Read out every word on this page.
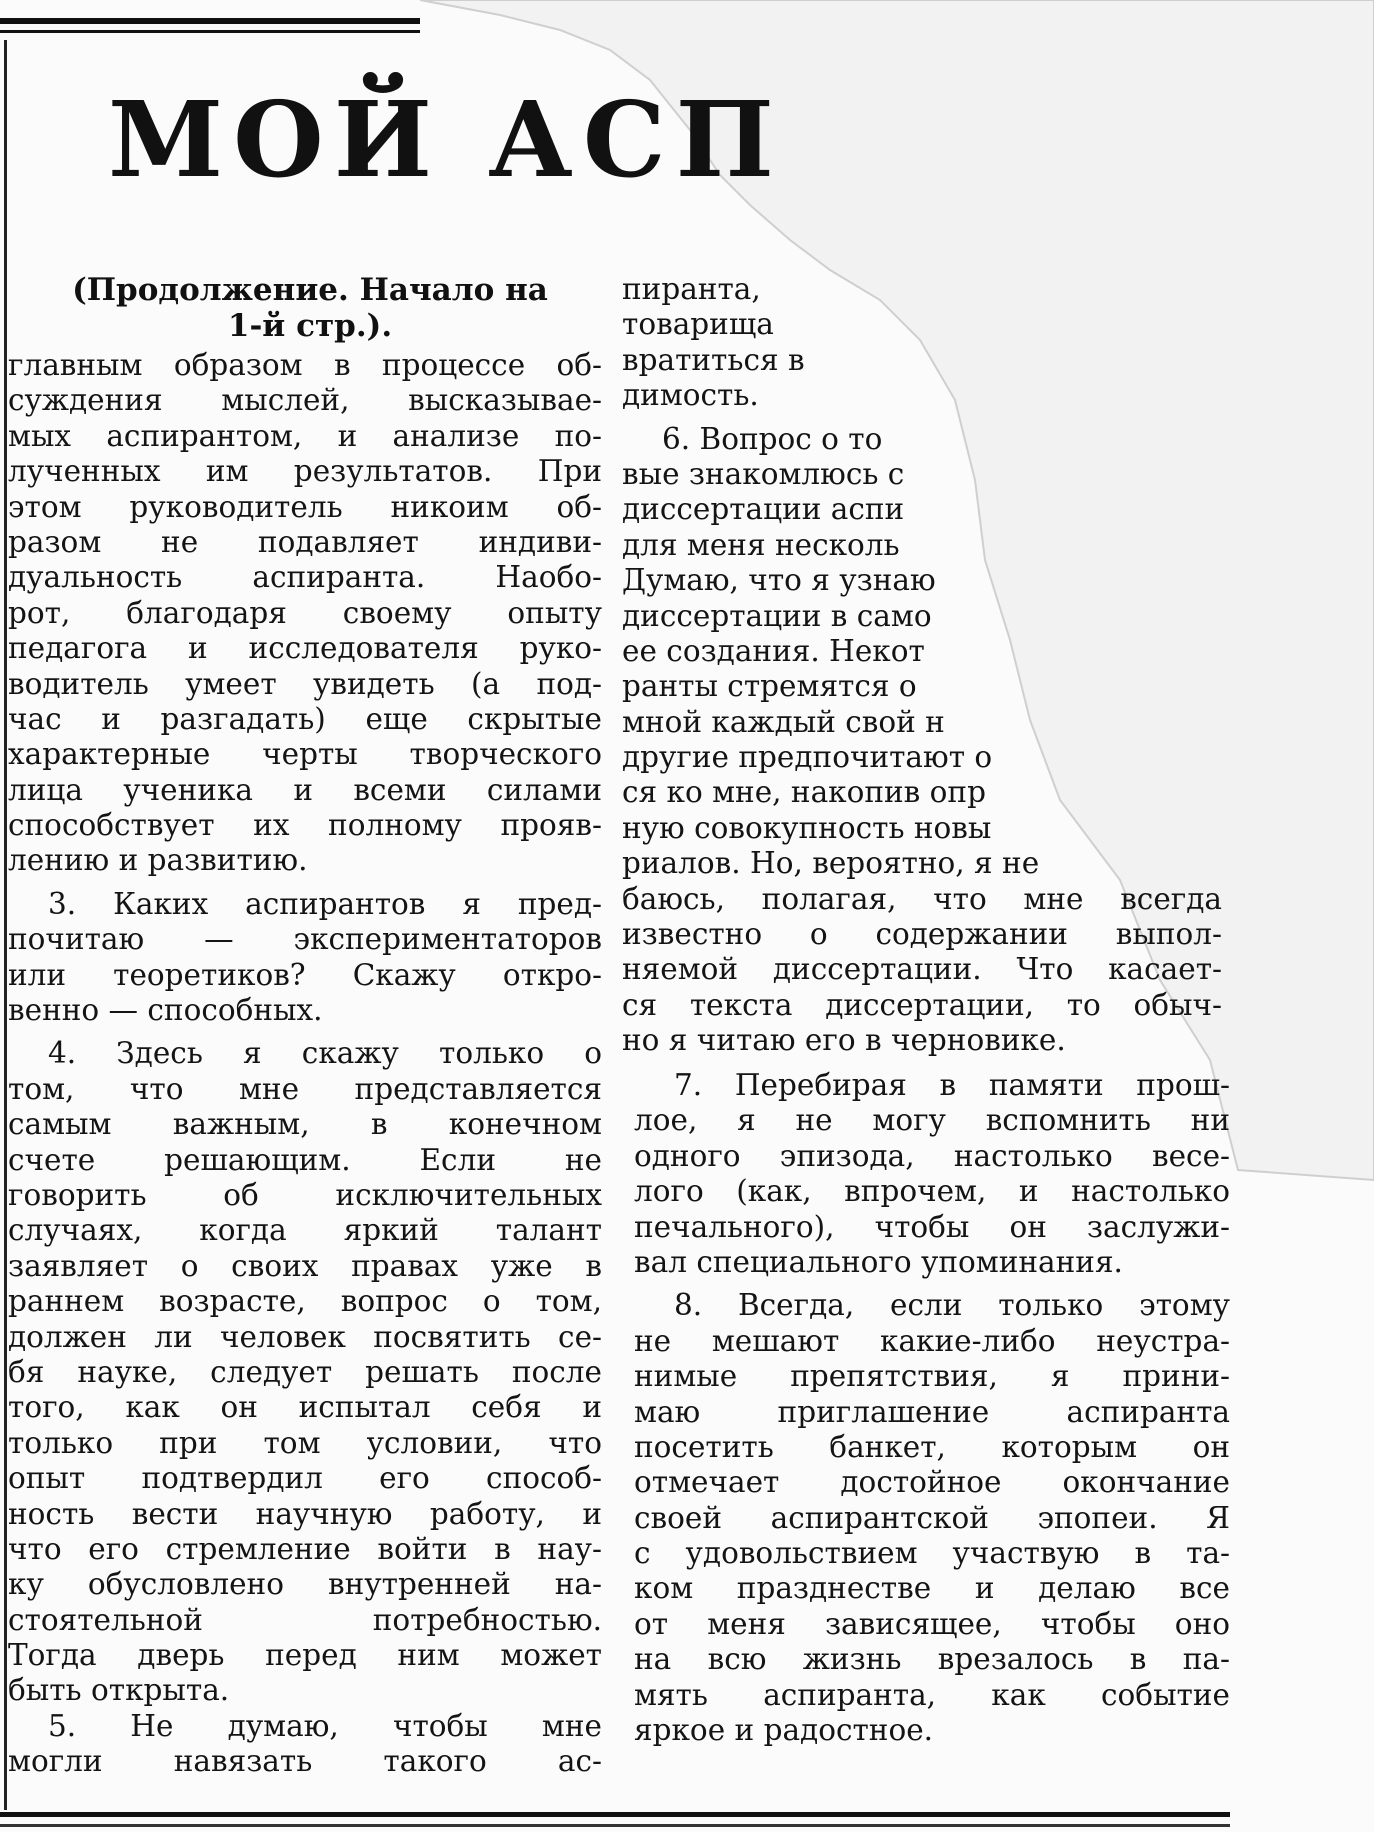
МОЙ АСП
(Продолжение. Начало на
1-й стр.).
главным образом в процессе об-
суждения мыслей, высказывае-
мых аспирантом, и анализе по-
лученных им результатов. При
этом руководитель никоим об-
разом не подавляет индиви-
дуальность аспиранта. Наобо-
рот, благодаря своему опыту
педагога и исследователя руко-
водитель умеет увидеть (а под-
час и разгадать) еще скрытые
характерные черты творческого
лица ученика и всеми силами
способствует их полному прояв-
лению и развитию.
3. Каких аспирантов я пред-
почитаю — экспериментаторов
или теоретиков? Скажу откро-
венно — способных.
4. Здесь я скажу только о
том, что мне представляется
самым важным, в конечном
счете решающим. Если не
говорить об исключительных
случаях, когда яркий талант
заявляет о своих правах уже в
раннем возрасте, вопрос о том,
должен ли человек посвятить се-
бя науке, следует решать после
того, как он испытал себя и
только при том условии, что
опыт подтвердил его способ-
ность вести научную работу, и
что его стремление войти в нау-
ку обусловлено внутренней на-
стоятельной потребностью.
Тогда дверь перед ним может
быть открыта.
5. Не думаю, чтобы мне
могли навязать такого ас-
пиранта,
товарища
вратиться в
димость.
6. Вопрос о то
вые знакомлюсь с
диссертации аспи
для меня несколь
Думаю, что я узнаю
диссертации в само
ее создания. Некот
ранты стремятся о
мной каждый свой н
другие предпочитают о
ся ко мне, накопив опр
ную совокупность новы
риалов. Но, вероятно, я не
баюсь, полагая, что мне всегда
известно о содержании выпол-
няемой диссертации. Что касает-
ся текста диссертации, то обыч-
но я читаю его в черновике.
7. Перебирая в памяти прош-
лое, я не могу вспомнить ни
одного эпизода, настолько весе-
лого (как, впрочем, и настолько
печального), чтобы он заслужи-
вал специального упоминания.
8. Всегда, если только этому
не мешают какие-либо неустра-
нимые препятствия, я прини-
маю приглашение аспиранта
посетить банкет, которым он
отмечает достойное окончание
своей аспирантской эпопеи. Я
с удовольствием участвую в та-
ком празднестве и делаю все
от меня зависящее, чтобы оно
на всю жизнь врезалось в па-
мять аспиранта, как событие
яркое и радостное.
